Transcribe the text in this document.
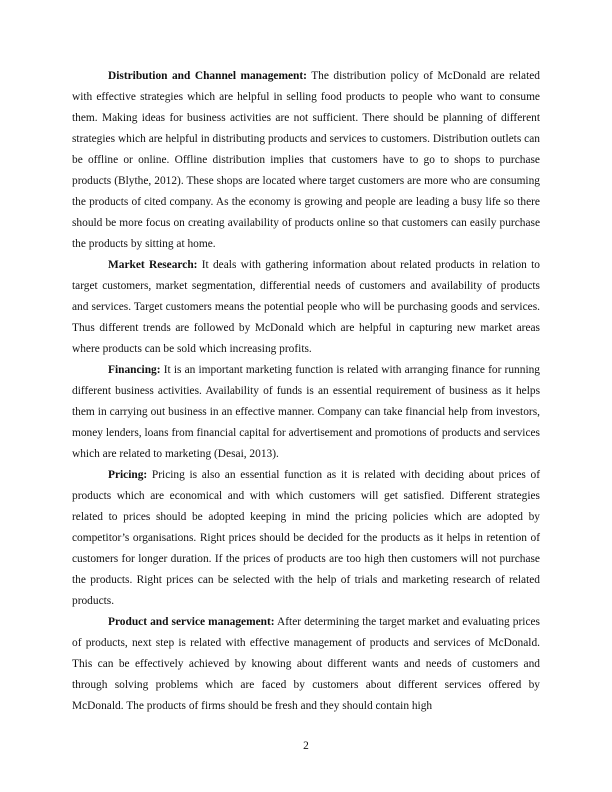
Distribution and Channel management: The distribution policy of McDonald are related with effective strategies which are helpful in selling food products to people who want to consume them. Making ideas for business activities are not sufficient. There should be planning of different strategies which are helpful in distributing products and services to customers. Distribution outlets can be offline or online. Offline distribution implies that customers have to go to shops to purchase products (Blythe, 2012). These shops are located where target customers are more who are consuming the products of cited company. As the economy is growing and people are leading a busy life so there should be more focus on creating availability of products online so that customers can easily purchase the products by sitting at home.

Market Research: It deals with gathering information about related products in relation to target customers, market segmentation, differential needs of customers and availability of products and services. Target customers means the potential people who will be purchasing goods and services. Thus different trends are followed by McDonald which are helpful in capturing new market areas where products can be sold which increasing profits.

Financing: It is an important marketing function is related with arranging finance for running different business activities. Availability of funds is an essential requirement of business as it helps them in carrying out business in an effective manner. Company can take financial help from investors, money lenders, loans from financial capital for advertisement and promotions of products and services which are related to marketing (Desai, 2013).

Pricing: Pricing is also an essential function as it is related with deciding about prices of products which are economical and with which customers will get satisfied. Different strategies related to prices should be adopted keeping in mind the pricing policies which are adopted by competitor’s organisations. Right prices should be decided for the products as it helps in retention of customers for longer duration. If the prices of products are too high then customers will not purchase the products. Right prices can be selected with the help of trials and marketing research of related products.

Product and service management: After determining the target market and evaluating prices of products, next step is related with effective management of products and services of McDonald. This can be effectively achieved by knowing about different wants and needs of customers and through solving problems which are faced by customers about different services offered by McDonald. The products of firms should be fresh and they should contain high

2
